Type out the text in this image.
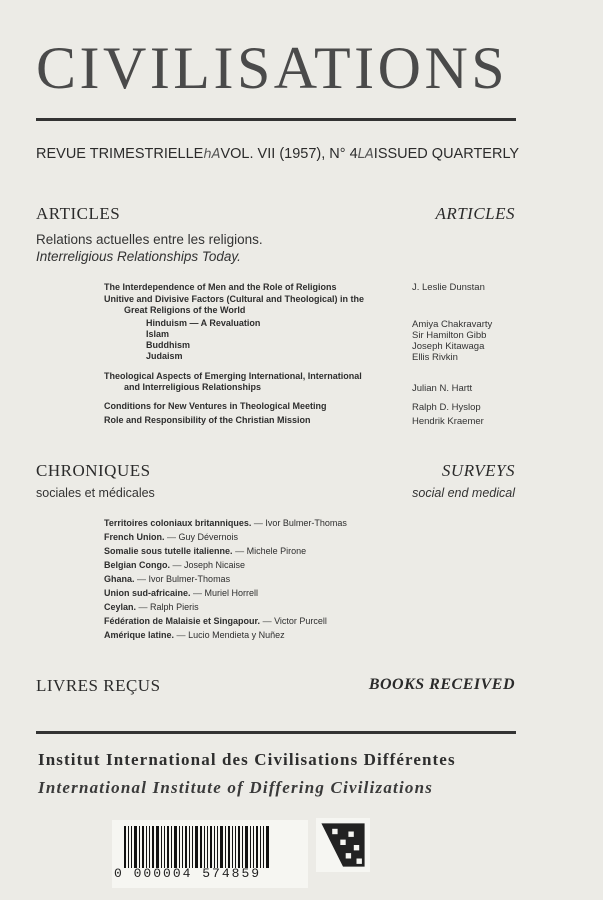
CIVILISATIONS
REVUE TRIMESTRIELLE ℎA VOL. VII (1957), N° 4 LA ISSUED QUARTERLY
ARTICLES	ARTICLES
Relations actuelles entre les religions.
Interreligious Relationships Today.
The Interdependence of Men and the Role of Religions	J. Leslie Dunstan
Unitive and Divisive Factors (Cultural and Theological) in the
Great Religions of the World
Hinduism — A Revaluation	Amiya Chakravarty
Islam	Sir Hamilton Gibb
Buddhism	Joseph Kitawaga
Judaism	Ellis Rivkin
Theological Aspects of Emerging International, International
and Interreligious Relationships	Julian N. Hartt
Conditions for New Ventures in Theological Meeting	Ralph D. Hyslop
Role and Responsibility of the Christian Mission	Hendrik Kraemer
CHRONIQUES	SURVEYS
sociales et médicales	social end medical
Territoires coloniaux britanniques. — Ivor Bulmer-Thomas
French Union. — Guy Dévernois
Somalie sous tutelle italienne. — Michele Pirone
Belgian Congo. — Joseph Nicaise
Ghana. — Ivor Bulmer-Thomas
Union sud-africaine. — Muriel Horrell
Ceylan. — Ralph Pieris
Fédération de Malaisie et Singapour. — Victor Purcell
Amérique latine. — Lucio Mendieta y Nuñez
LIVRES REÇUS	BOOKS RECEIVED
Institut International des Civilisations Différentes
International Institute of Differing Civilizations
0 000004 574859
